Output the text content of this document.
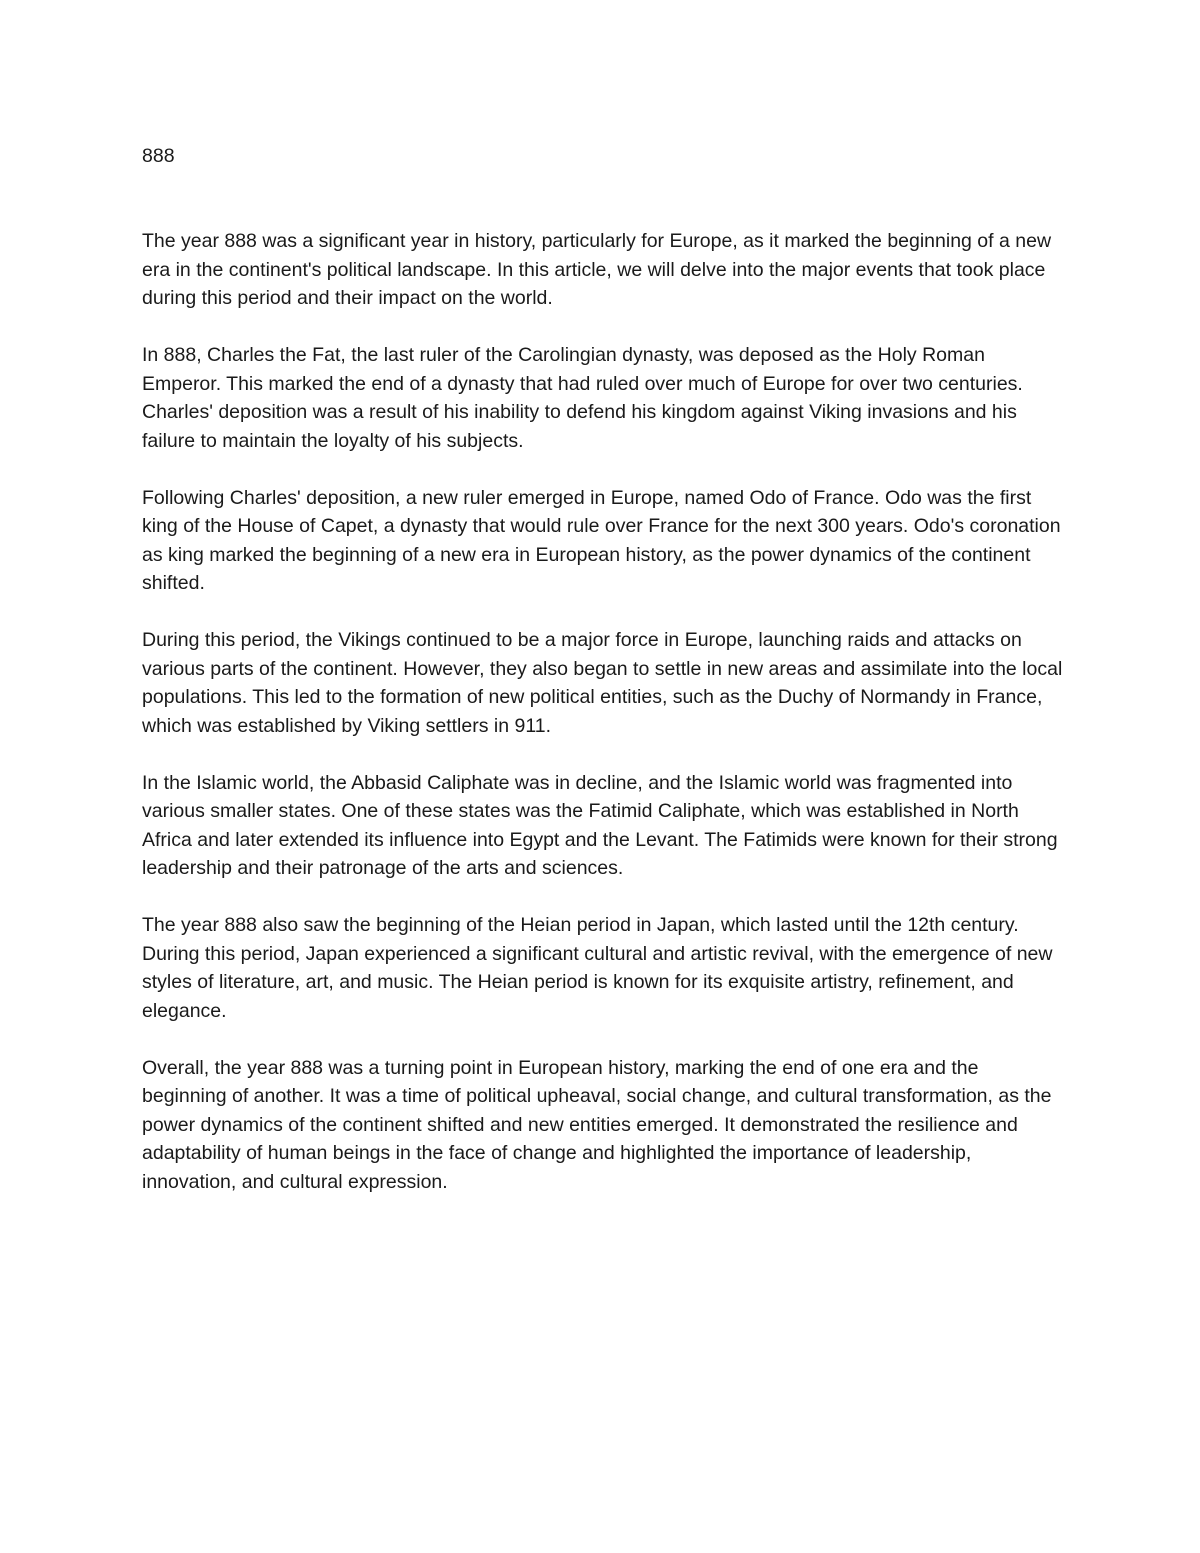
888

The year 888 was a significant year in history, particularly for Europe, as it marked the beginning of a new era in the continent's political landscape. In this article, we will delve into the major events that took place during this period and their impact on the world.

In 888, Charles the Fat, the last ruler of the Carolingian dynasty, was deposed as the Holy Roman Emperor. This marked the end of a dynasty that had ruled over much of Europe for over two centuries. Charles' deposition was a result of his inability to defend his kingdom against Viking invasions and his failure to maintain the loyalty of his subjects.

Following Charles' deposition, a new ruler emerged in Europe, named Odo of France. Odo was the first king of the House of Capet, a dynasty that would rule over France for the next 300 years. Odo's coronation as king marked the beginning of a new era in European history, as the power dynamics of the continent shifted.

During this period, the Vikings continued to be a major force in Europe, launching raids and attacks on various parts of the continent. However, they also began to settle in new areas and assimilate into the local populations. This led to the formation of new political entities, such as the Duchy of Normandy in France, which was established by Viking settlers in 911.

In the Islamic world, the Abbasid Caliphate was in decline, and the Islamic world was fragmented into various smaller states. One of these states was the Fatimid Caliphate, which was established in North Africa and later extended its influence into Egypt and the Levant. The Fatimids were known for their strong leadership and their patronage of the arts and sciences.

The year 888 also saw the beginning of the Heian period in Japan, which lasted until the 12th century. During this period, Japan experienced a significant cultural and artistic revival, with the emergence of new styles of literature, art, and music. The Heian period is known for its exquisite artistry, refinement, and elegance.

Overall, the year 888 was a turning point in European history, marking the end of one era and the beginning of another. It was a time of political upheaval, social change, and cultural transformation, as the power dynamics of the continent shifted and new entities emerged. It demonstrated the resilience and adaptability of human beings in the face of change and highlighted the importance of leadership, innovation, and cultural expression.
